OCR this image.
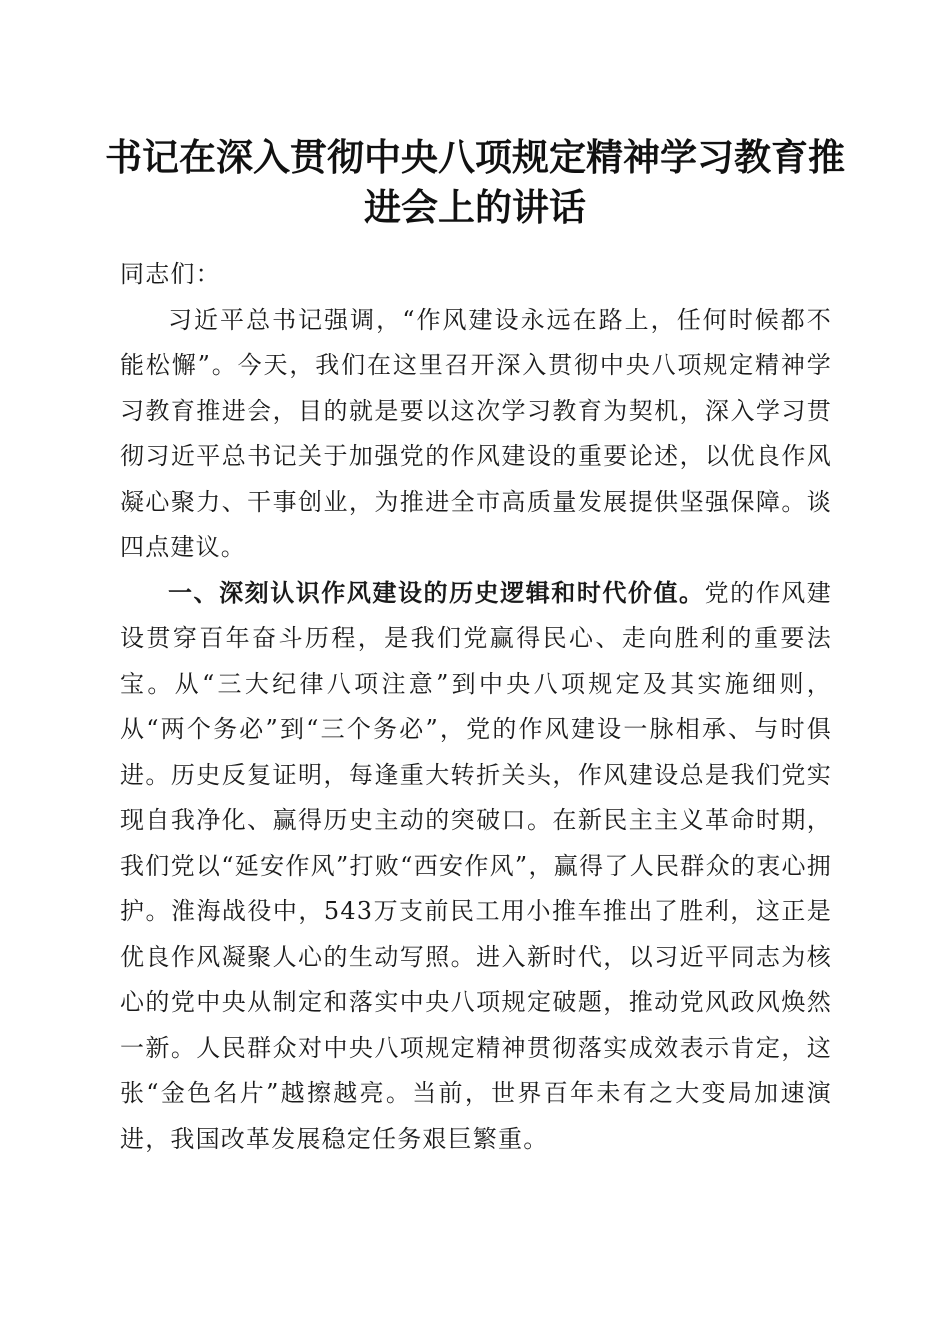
书记在深入贯彻中央八项规定精神学习教育推
进会上的讲话

同志们：

习近平总书记强调，“作风建设永远在路上，任何时候都不能松懈”。今天，我们在这里召开深入贯彻中央八项规定精神学习教育推进会，目的就是要以这次学习教育为契机，深入学习贯彻习近平总书记关于加强党的作风建设的重要论述，以优良作风凝心聚力、干事创业，为推进全市高质量发展提供坚强保障。谈四点建议。

一、深刻认识作风建设的历史逻辑和时代价值。党的作风建设贯穿百年奋斗历程，是我们党赢得民心、走向胜利的重要法宝。从“三大纪律八项注意”到中央八项规定及其实施细则，从“两个务必”到“三个务必”，党的作风建设一脉相承、与时俱进。历史反复证明，每逢重大转折关头，作风建设总是我们党实现自我净化、赢得历史主动的突破口。在新民主主义革命时期，我们党以“延安作风”打败“西安作风”，赢得了人民群众的衷心拥护。淮海战役中，543万支前民工用小推车推出了胜利，这正是优良作风凝聚人心的生动写照。进入新时代，以习近平同志为核心的党中央从制定和落实中央八项规定破题，推动党风政风焕然一新。人民群众对中央八项规定精神贯彻落实成效表示肯定，这张“金色名片”越擦越亮。当前，世界百年未有之大变局加速演进，我国改革发展稳定任务艰巨繁重。
